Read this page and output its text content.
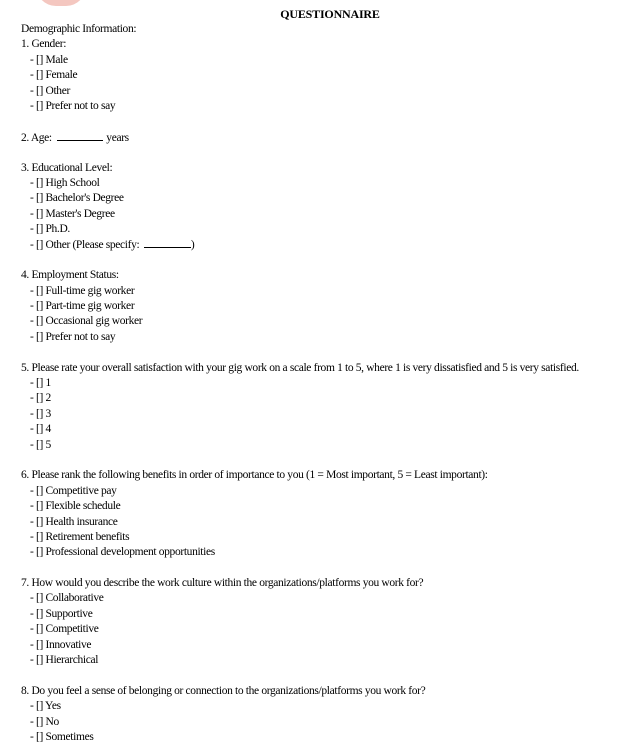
QUESTIONNAIRE
Demographic Information:
1. Gender:
- [] Male
- [] Female
- [] Other
- [] Prefer not to say
2. Age:	years
3. Educational Level:
- [] High School
- [] Bachelor's Degree
- [] Master's Degree
- [] Ph.D.
- [] Other (Please specify:	)
4. Employment Status:
- [] Full-time gig worker
- [] Part-time gig worker
- [] Occasional gig worker
- [] Prefer not to say
5. Please rate your overall satisfaction with your gig work on a scale from 1 to 5, where 1 is very dissatisfied and 5 is very satisfied.
- [] 1
- [] 2
- [] 3
- [] 4
- [] 5
6. Please rank the following benefits in order of importance to you (1 = Most important, 5 = Least important):
- [] Competitive pay
- [] Flexible schedule
- [] Health insurance
- [] Retirement benefits
- [] Professional development opportunities
7. How would you describe the work culture within the organizations/platforms you work for?
- [] Collaborative
- [] Supportive
- [] Competitive
- [] Innovative
- [] Hierarchical
8. Do you feel a sense of belonging or connection to the organizations/platforms you work for?
- [] Yes
- [] No
- [] Sometimes
